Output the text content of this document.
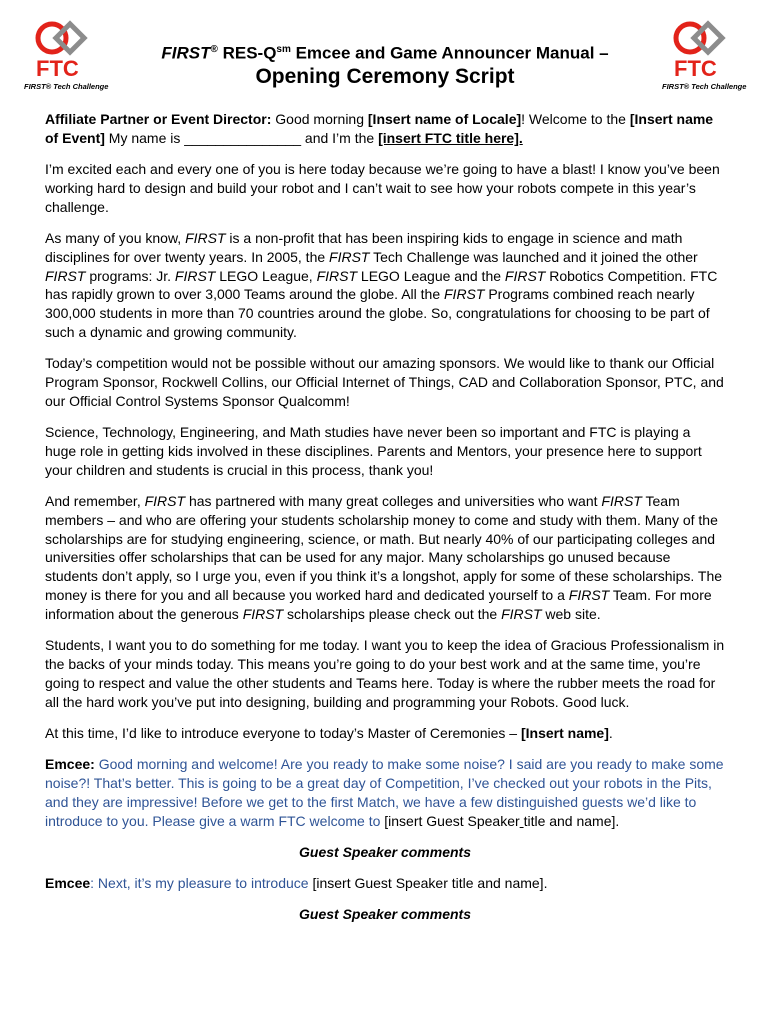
FTC
FIRST® Tech Challenge
FTC
FIRST® Tech Challenge
FIRST® RES-$Q^{sm}$ Emcee and Game Announcer Manual –
Opening Ceremony Script

Affiliate Partner or Event Director: Good morning [Insert name of Locale]! Welcome to the [Insert name of Event] My name is _______________ and I’m the [insert FTC title here].

I’m excited each and every one of you is here today because we’re going to have a blast! I know you’ve been working hard to design and build your robot and I can’t wait to see how your robots compete in this year’s challenge.

As many of you know, FIRST is a non-profit that has been inspiring kids to engage in science and math disciplines for over twenty years. In 2005, the FIRST Tech Challenge was launched and it joined the other FIRST programs: Jr. FIRST LEGO League, FIRST LEGO League and the FIRST Robotics Competition. FTC has rapidly grown to over 3,000 Teams around the globe. All the FIRST Programs combined reach nearly 300,000 students in more than 70 countries around the globe. So, congratulations for choosing to be part of such a dynamic and growing community.

Today’s competition would not be possible without our amazing sponsors. We would like to thank our Official Program Sponsor, Rockwell Collins, our Official Internet of Things, CAD and Collaboration Sponsor, PTC, and our Official Control Systems Sponsor Qualcomm!

Science, Technology, Engineering, and Math studies have never been so important and FTC is playing a huge role in getting kids involved in these disciplines. Parents and Mentors, your presence here to support your children and students is crucial in this process, thank you!

And remember, FIRST has partnered with many great colleges and universities who want FIRST Team members – and who are offering your students scholarship money to come and study with them. Many of the scholarships are for studying engineering, science, or math. But nearly 40% of our participating colleges and universities offer scholarships that can be used for any major. Many scholarships go unused because students don’t apply, so I urge you, even if you think it’s a longshot, apply for some of these scholarships. The money is there for you and all because you worked hard and dedicated yourself to a FIRST Team. For more information about the generous FIRST scholarships please check out the FIRST web site.

Students, I want you to do something for me today. I want you to keep the idea of Gracious Professionalism in the backs of your minds today. This means you’re going to do your best work and at the same time, you’re going to respect and value the other students and Teams here. Today is where the rubber meets the road for all the hard work you’ve put into designing, building and programming your Robots. Good luck.

At this time, I’d like to introduce everyone to today’s Master of Ceremonies – [Insert name].

Emcee: Good morning and welcome! Are you ready to make some noise? I said are you ready to make some noise?! That’s better. This is going to be a great day of Competition, I’ve checked out your robots in the Pits, and they are impressive! Before we get to the first Match, we have a few distinguished guests we’d like to introduce to you. Please give a warm FTC welcome to [insert Guest Speaker title and name].

Guest Speaker comments

Emcee: Next, it’s my pleasure to introduce [insert Guest Speaker title and name].

Guest Speaker comments
